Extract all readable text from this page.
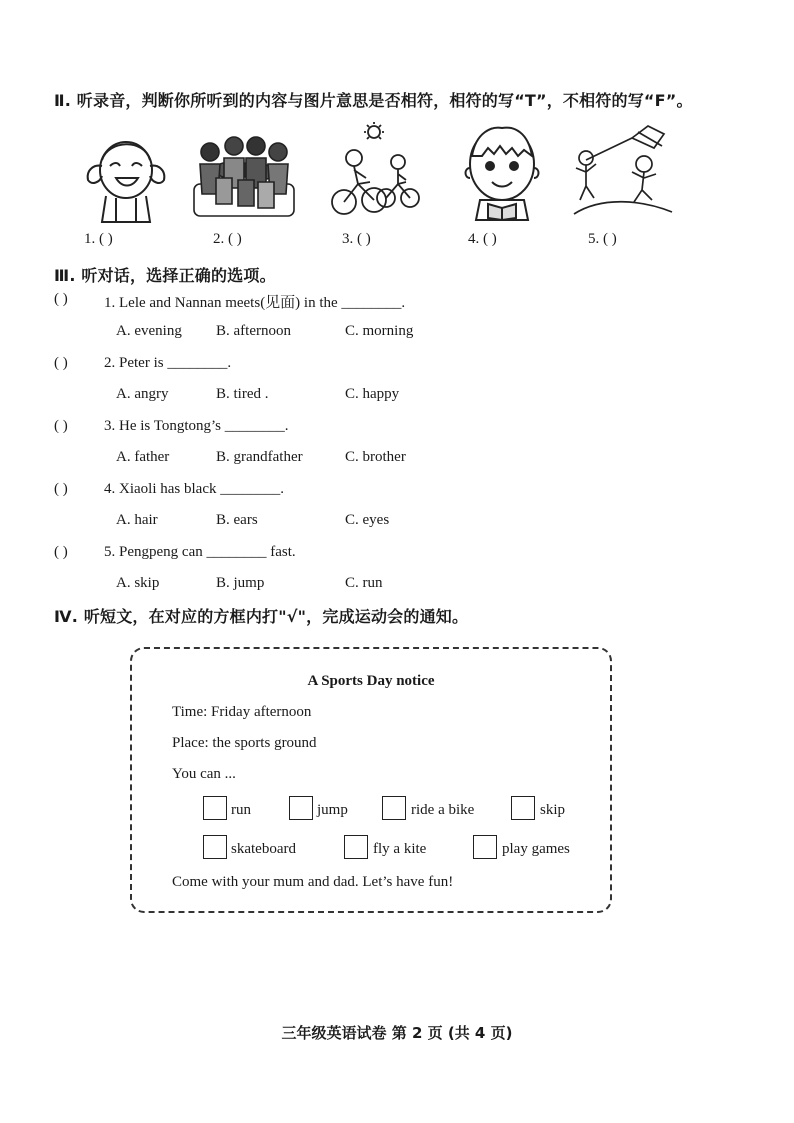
Ⅱ. 听录音，判断你所听到的内容与图片意思是否相符，相符的写“T”，不相符的写“F”。
1. ( )	2. ( )	3. ( )	4. ( )	5. ( )
Ⅲ. 听对话，选择正确的选项。
( ) 1. Lele and Nannan meets(见面) in the ________.
A. evening B. afternoon	C. morning
( ) 2. Peter is ________.
A. angry	B. tired .	C. happy
( ) 3. He is Tongtong’s ________.
A. father	B. grandfather	C. brother
( ) 4. Xiaoli has black ________.
A. hair	B. ears	C. eyes
( ) 5. Pengpeng can ________ fast.
A. skip	B. jump	C. run
Ⅳ. 听短文，在对应的方框内打"√"，完成运动会的通知。
A Sports Day notice
Time: Friday afternoon
Place: the sports ground
You can ...
run	jump	ride a bike	skip
skateboard	fly a kite	play games
Come with your mum and dad. Let’s have fun!
三年级英语试卷 第 2 页 (共 4 页)
